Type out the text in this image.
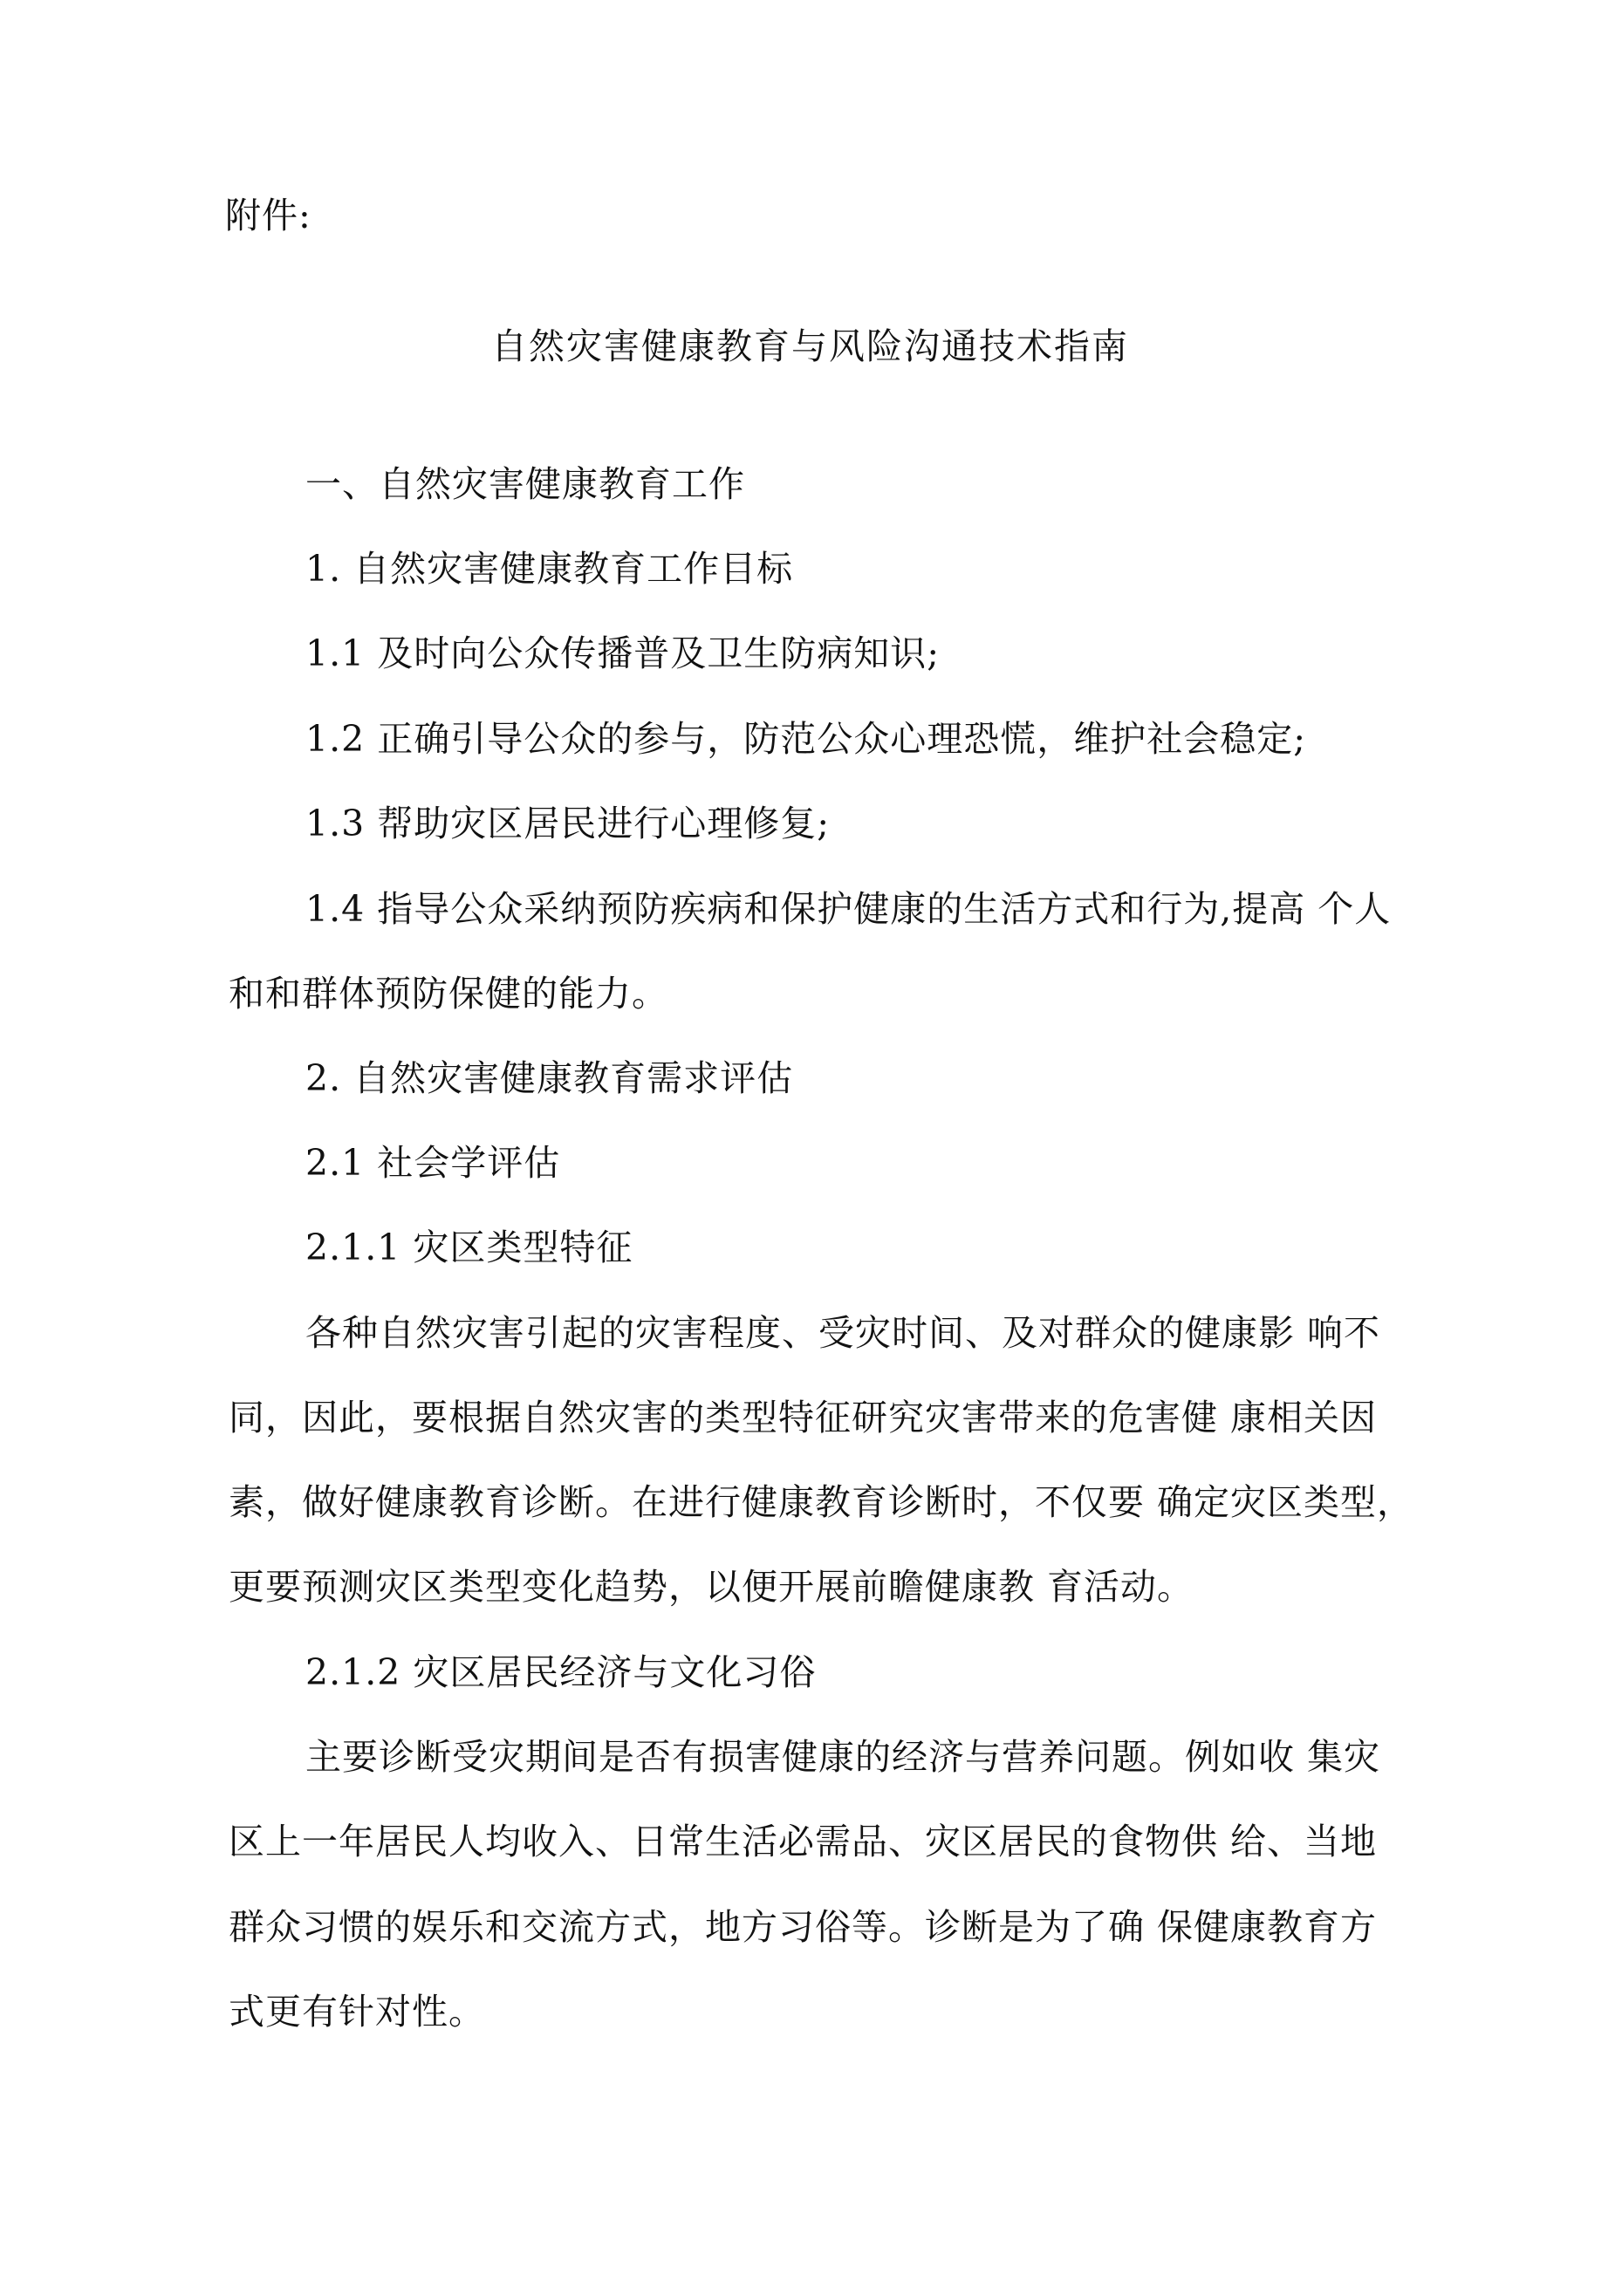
附件:

自然灾害健康教育与风险沟通技术指南

一、自然灾害健康教育工作

1. 自然灾害健康教育工作目标

1.1 及时向公众传播普及卫生防病知识;

1.2 正确引导公众的参与，防范公众心理恐慌，维护社会稳定;

1.3 帮助灾区居民进行心理修复;

1.4 指导公众采纳预防疾病和保护健康的生活方式和行为,提高 个人

和和群体预防保健的能力。

2. 自然灾害健康教育需求评估

2.1 社会学评估

2.1.1 灾区类型特征

各种自然灾害引起的灾害程度、受灾时间、及对群众的健康影 响不

同，因此，要根据自然灾害的类型特征研究灾害带来的危害健 康相关因

素，做好健康教育诊断。在进行健康教育诊断时，不仅要 确定灾区类型，

更要预测灾区类型变化趋势，以便开展前瞻健康教 育活动。

2.1.2 灾区居民经济与文化习俗

主要诊断受灾期间是否有损害健康的经济与营养问题。例如收 集灾

区上一年居民人均收入、日常生活必需品、灾区居民的食物供 给、当地

群众习惯的娱乐和交流方式，地方习俗等。诊断是为了确 保健康教育方

式更有针对性。
